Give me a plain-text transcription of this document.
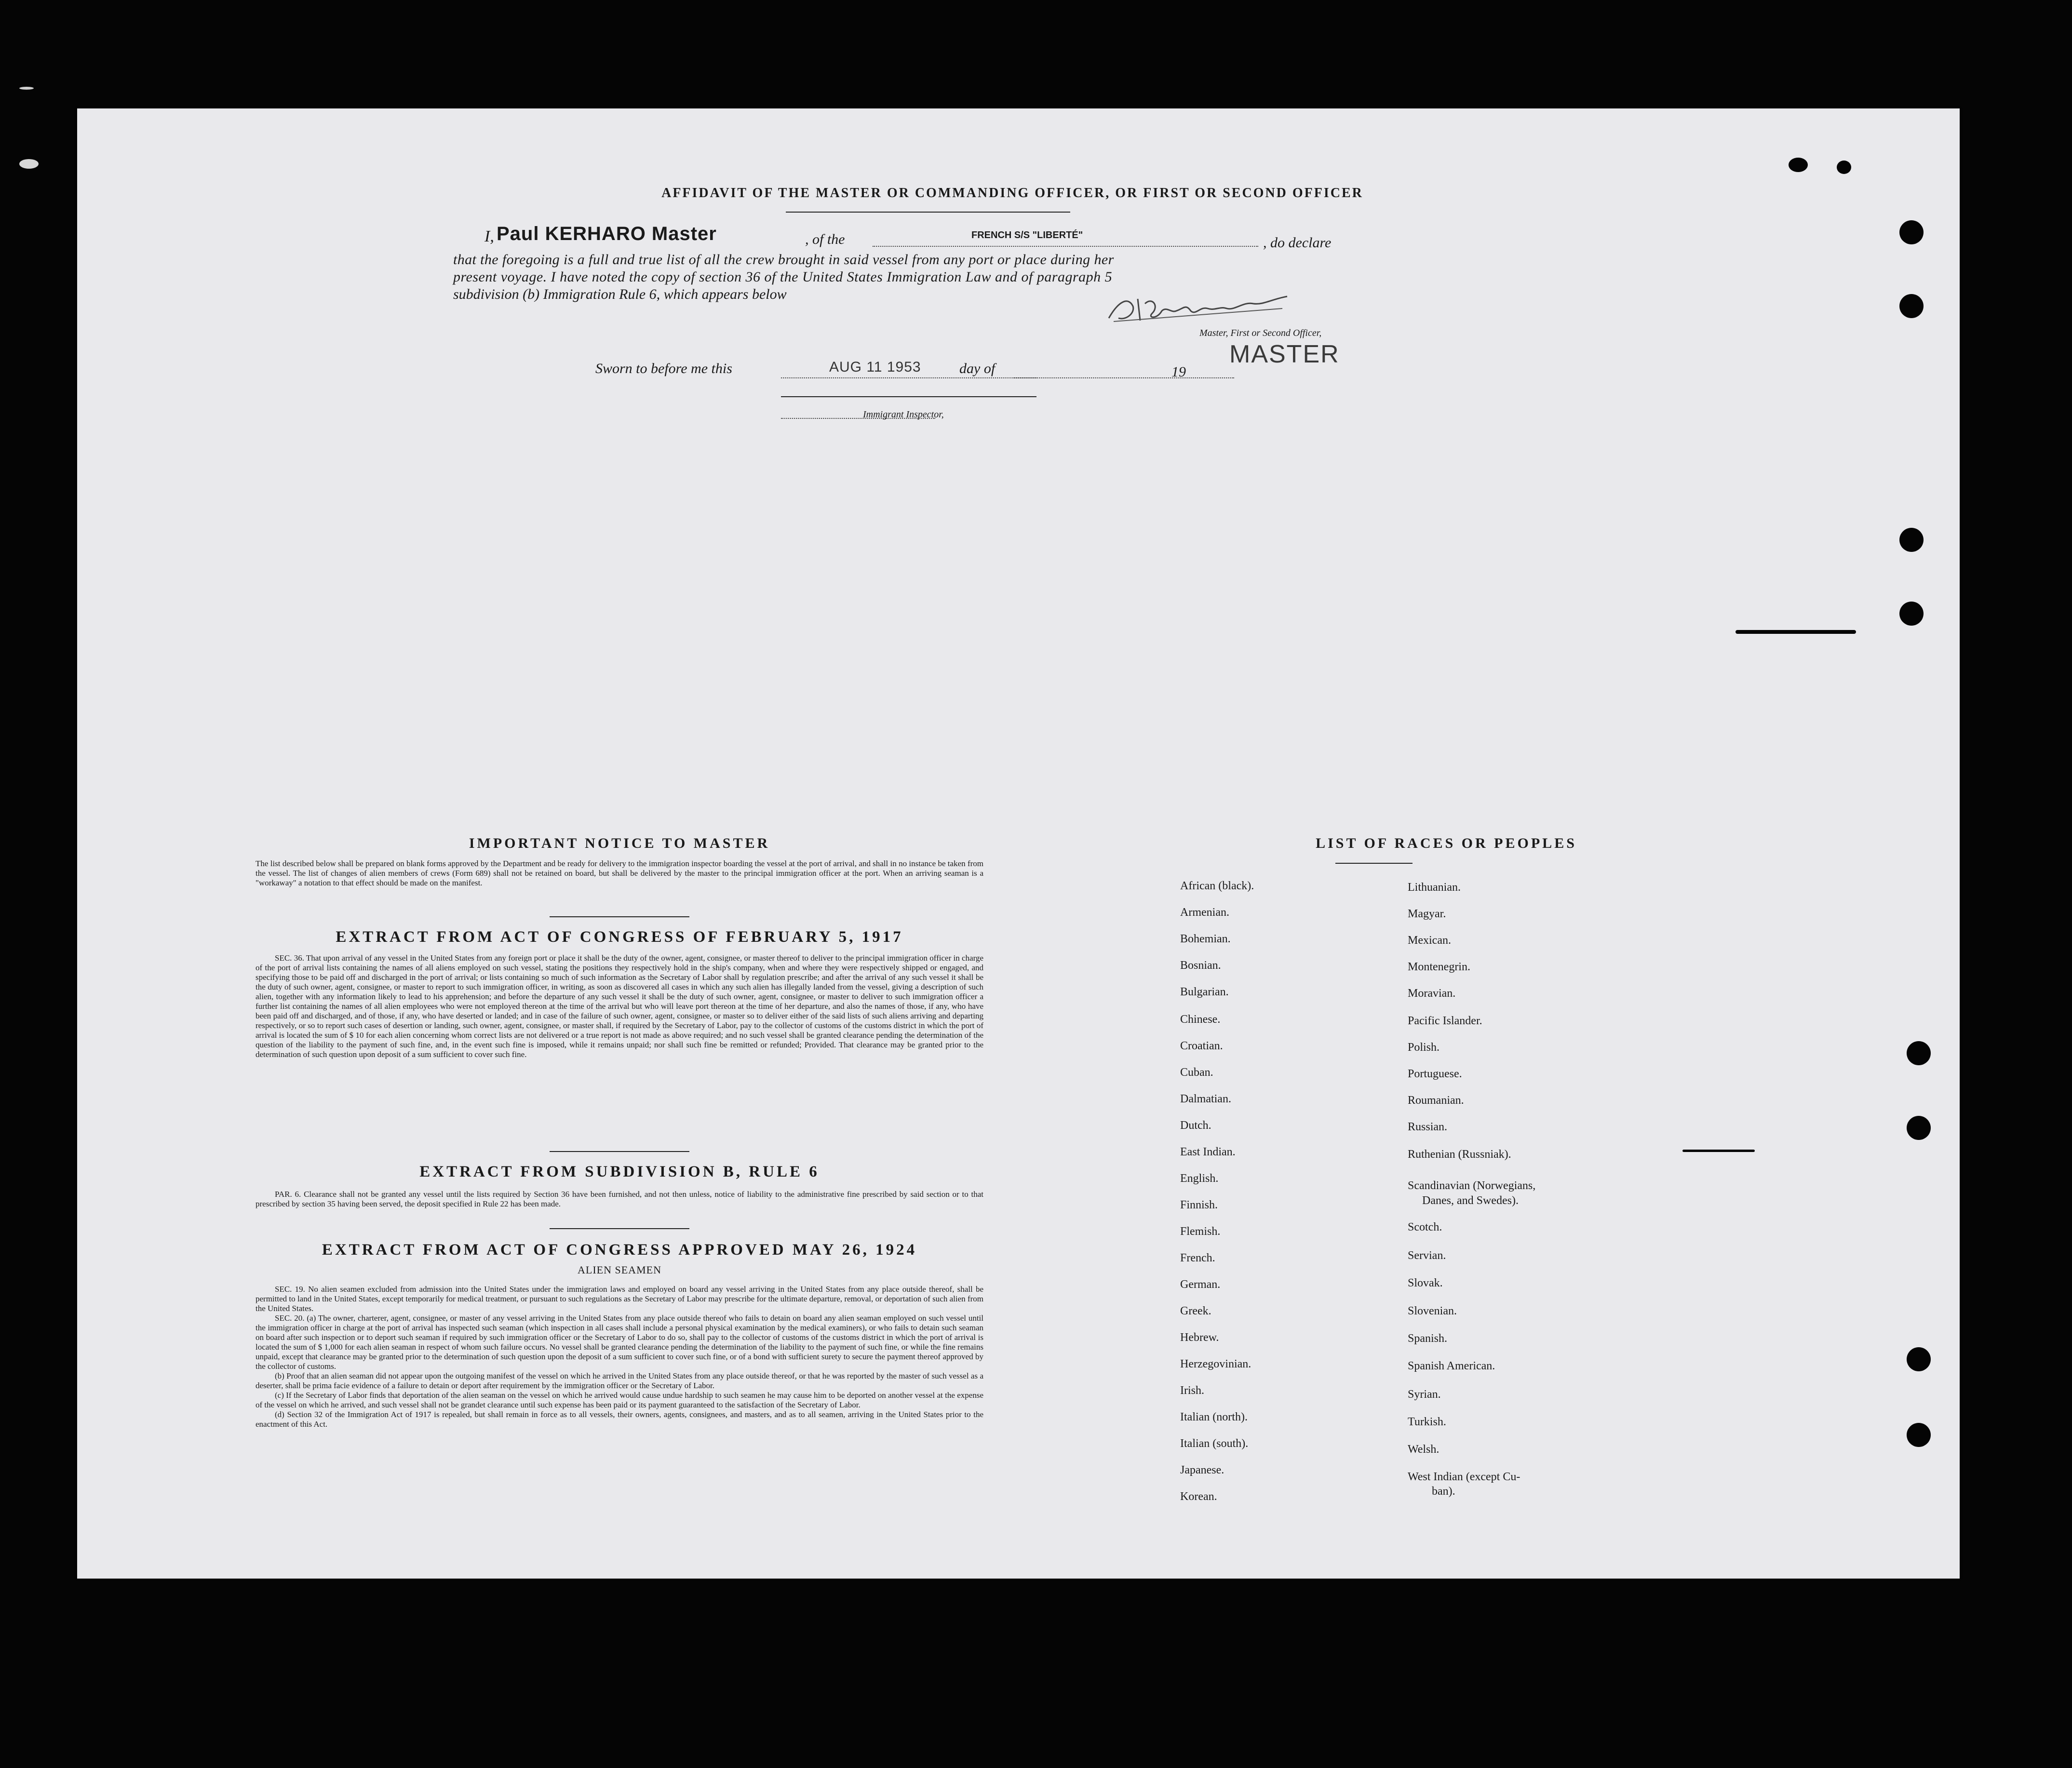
AFFIDAVIT OF THE MASTER OR COMMANDING OFFICER, OR FIRST OR SECOND OFFICER
I, Paul KERHARO Master	, of the	FRENCH S/S "LIBERTÉ"	, do declare
that the foregoing is a full and true list of all the crew brought in said vessel from any port or place during her
present voyage. I have noted the copy of section 36 of the United States Immigration Law and of paragraph 5
subdivision (b) Immigration Rule 6, which appears below
Master, First or Second Officer,
MASTER
Sworn to before me this	AUG 11 1953	day of	19
Immigrant Inspector,
IMPORTANT NOTICE TO MASTER
The list described below shall be prepared on blank forms approved by the Department and be ready for delivery to the immigration inspector boarding the vessel at the port of arrival, and shall in no instance be taken from the vessel. The list of changes of alien members of crews (Form 689) shall not be retained on board, but shall be delivered by the master to the principal immigration officer at the port. When an arriving seaman is a "workaway" a notation to that effect should be made on the manifest.
EXTRACT FROM ACT OF CONGRESS OF FEBRUARY 5, 1917
SEC. 36. That upon arrival of any vessel in the United States from any foreign port or place it shall be the duty of the owner, agent, consignee, or master thereof to deliver to the principal immigration officer in charge of the port of arrival lists containing the names of all aliens employed on such vessel, stating the positions they respectively hold in the ship's company, when and where they were respectively shipped or engaged, and specifying those to be paid off and discharged in the port of arrival; or lists containing so much of such information as the Secretary of Labor shall by regulation prescribe; and after the arrival of any such vessel it shall be the duty of such owner, agent, consignee, or master to report to such immigration officer, in writing, as soon as discovered all cases in which any such alien has illegally landed from the vessel, giving a description of such alien, together with any information likely to lead to his apprehension; and before the departure of any such vessel it shall be the duty of such owner, agent, consignee, or master to deliver to such immigration officer a further list containing the names of all alien employees who were not employed thereon at the time of the arrival but who will leave port thereon at the time of her departure, and also the names of those, if any, who have been paid off and discharged, and of those, if any, who have deserted or landed; and in case of the failure of such owner, agent, consignee, or master so to deliver either of the said lists of such aliens arriving and departing respectively, or so to report such cases of desertion or landing, such owner, agent, consignee, or master shall, if required by the Secretary of Labor, pay to the collector of customs of the customs district in which the port of arrival is located the sum of $ 10 for each alien concerning whom correct lists are not delivered or a true report is not made as above required; and no such vessel shall be granted clearance pending the determination of the question of the liability to the payment of such fine, and, in the event such fine is imposed, while it remains unpaid; nor shall such fine be remitted or refunded; Provided. That clearance may be granted prior to the determination of such question upon deposit of a sum sufficient to cover such fine.
EXTRACT FROM SUBDIVISION B, RULE 6
PAR. 6. Clearance shall not be granted any vessel until the lists required by Section 36 have been furnished, and not then unless, notice of liability to the administrative fine prescribed by said section or to that prescribed by section 35 having been served, the deposit specified in Rule 22 has been made.
EXTRACT FROM ACT OF CONGRESS APPROVED MAY 26, 1924
ALIEN SEAMEN

SEC. 19. No alien seamen excluded from admission into the United States under the immigration laws and employed on board any vessel arriving in the United States from any place outside thereof, shall be permitted to land in the United States, except temporarily for medical treatment, or pursuant to such regulations as the Secretary of Labor may prescribe for the ultimate departure, removal, or deportation of such alien from the United States.

SEC. 20. (a) The owner, charterer, agent, consignee, or master of any vessel arriving in the United States from any place outside thereof who fails to detain on board any alien seaman employed on such vessel until the immigration officer in charge at the port of arrival has inspected such seaman (which inspection in all cases shall include a personal physical examination by the medical examiners), or who fails to detain such seaman on board after such inspection or to deport such seaman if required by such immigration officer or the Secretary of Labor to do so, shall pay to the collector of customs of the customs district in which the port of arrival is located the sum of $ 1,000 for each alien seaman in respect of whom such failure occurs. No vessel shall be granted clearance pending the determination of the liability to the payment of such fine, or while the fine remains unpaid, except that clearance may be granted prior to the determination of such question upon the deposit of a sum sufficient to cover such fine, or of a bond with sufficient surety to secure the payment thereof approved by the collector of customs.

(b) Proof that an alien seaman did not appear upon the outgoing manifest of the vessel on which he arrived in the United States from any place outside thereof, or that he was reported by the master of such vessel as a deserter, shall be prima facie evidence of a failure to detain or deport after requirement by the immigration officer or the Secretary of Labor.

(c) If the Secretary of Labor finds that deportation of the alien seaman on the vessel on which he arrived would cause undue hardship to such seamen he may cause him to be deported on another vessel at the expense of the vessel on which he arrived, and such vessel shall not be grandet clearance until such expense has been paid or its payment guaranteed to the satisfaction of the Secretary of Labor.

(d) Section 32 of the Immigration Act of 1917 is repealed, but shall remain in force as to all vessels, their owners, agents, consignees, and masters, and as to all seamen, arriving in the United States prior to the enactment of this Act.

LIST OF RACES OR PEOPLES
African (black).
Armenian.
Bohemian.
Bosnian.
Bulgarian.
Chinese.
Croatian.
Cuban.
Dalmatian.
Dutch.
East Indian.
English.
Finnish.
Flemish.
French.
German.
Greek.
Hebrew.
Herzegovinian.
Irish.
Italian (north).
Italian (south).
Japanese.
Korean.
Lithuanian.
Magyar.
Mexican.
Montenegrin.
Moravian.
Pacific Islander.
Polish.
Portuguese.
Roumanian.
Russian.
Ruthenian (Russniak).
Scandinavian (Norwegians,
Danes, and Swedes).
Scotch.
Servian.
Slovak.
Slovenian.
Spanish.
Spanish American.
Syrian.
Turkish.
Welsh.
West Indian (except Cu-
ban).
